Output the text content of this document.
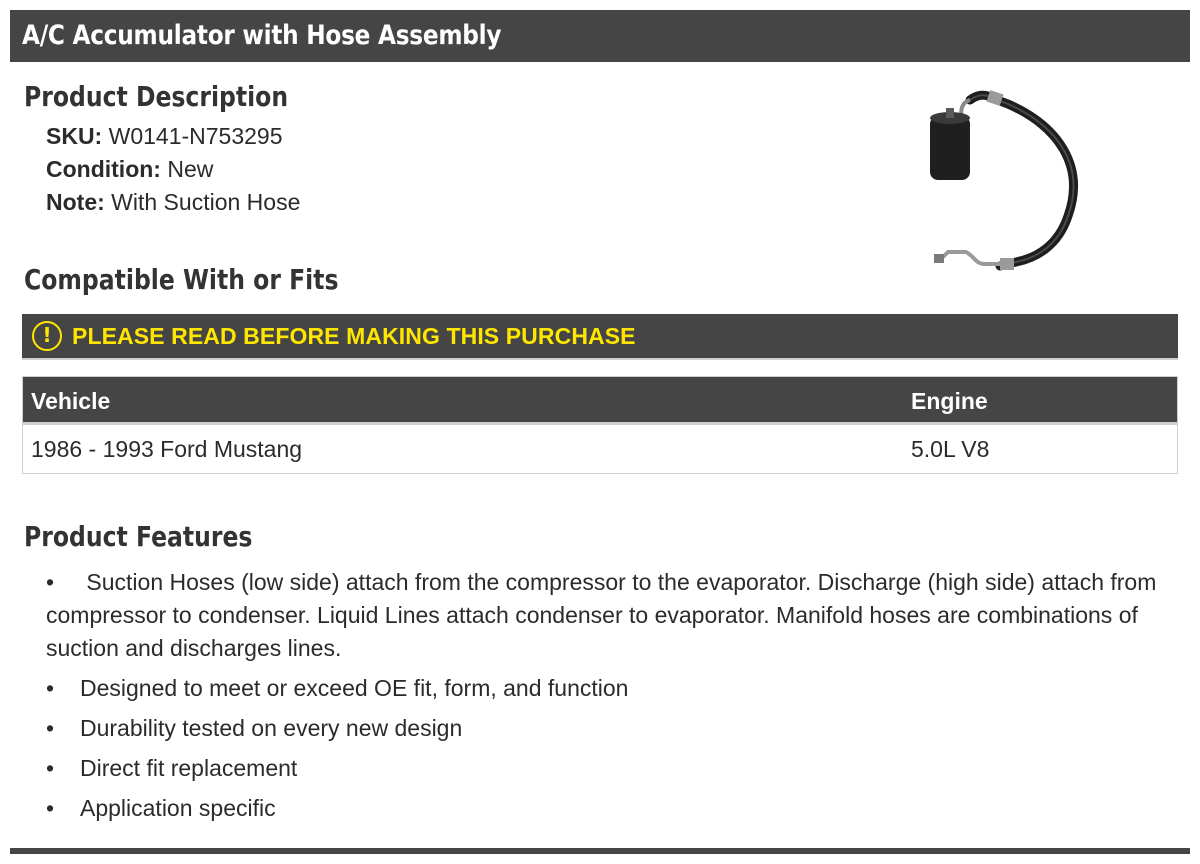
A/C Accumulator with Hose Assembly
Product Description
SKU: W0141-N753295
Condition: New
Note: With Suction Hose
Compatible With or Fits
! PLEASE READ BEFORE MAKING THIS PURCHASE
Vehicle	Engine
1986 - 1993 Ford Mustang	5.0L V8
Product Features
• Suction Hoses (low side) attach from the compressor to the evaporator. Discharge (high side) attach from compressor to condenser. Liquid Lines attach condenser to evaporator. Manifold hoses are combinations of suction and discharges lines.
• Designed to meet or exceed OE fit, form, and function
• Durability tested on every new design
• Direct fit replacement
• Application specific
